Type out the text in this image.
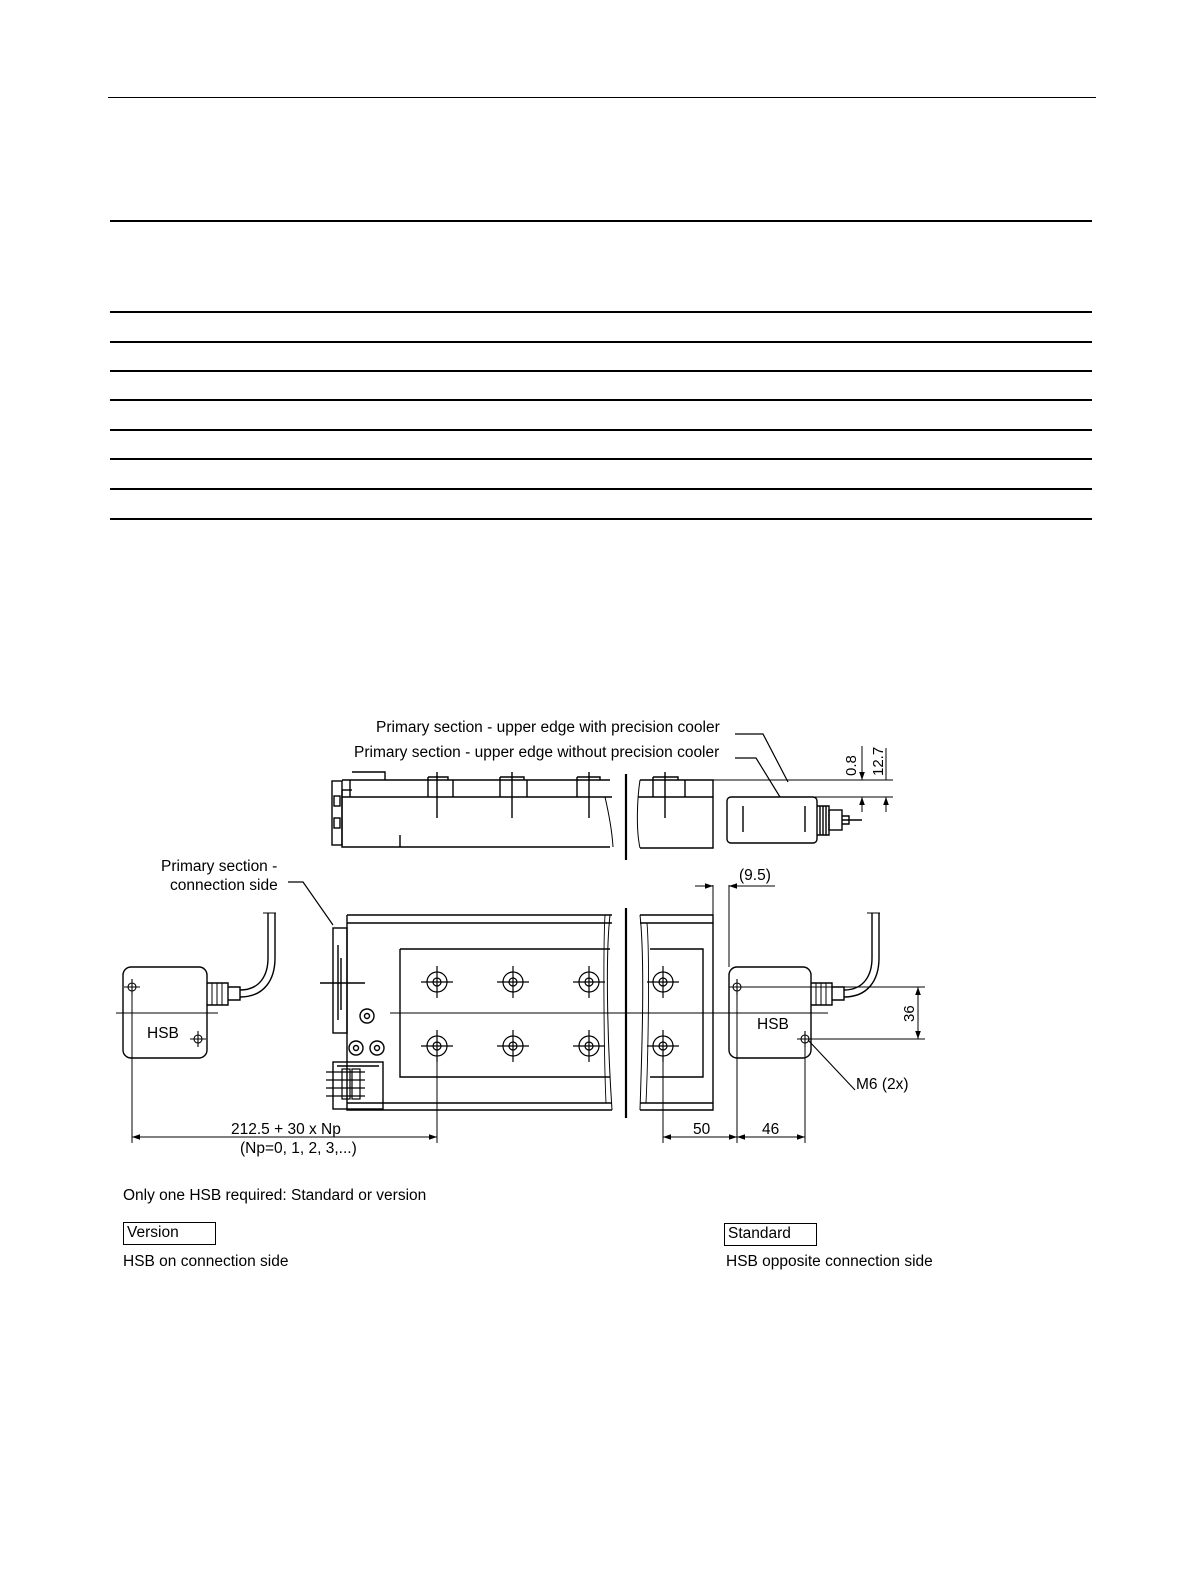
0.8 12.7
36
Primary section - upper edge with precision cooler
Primary section - upper edge without precision cooler
Primary section -
connection side
(9.5)
HSB
HSB
M6 (2x)
212.5 + 30 x Np
(Np=0, 1, 2, 3,...)
50	46
Only one HSB required: Standard or version
Version
HSB on connection side
Standard
HSB opposite connection side
